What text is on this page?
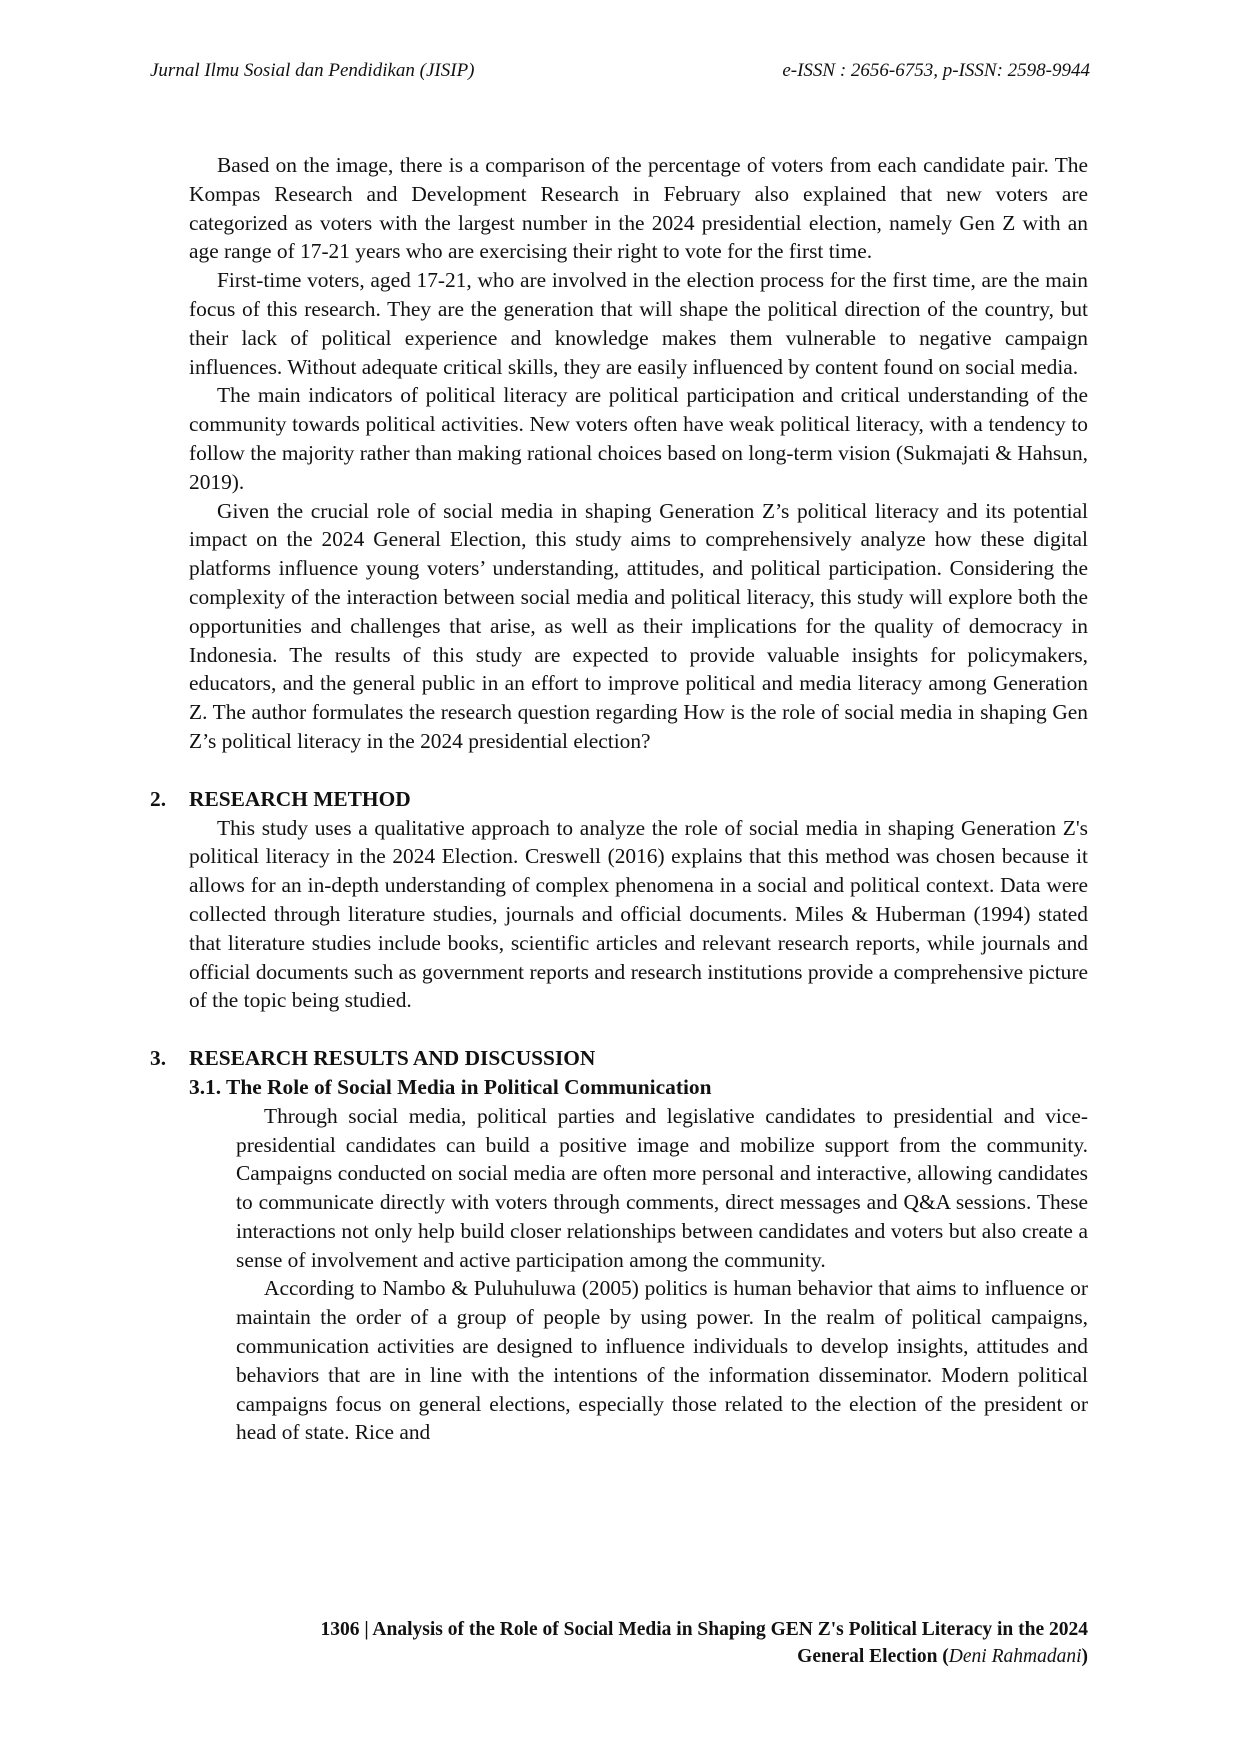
Jurnal Ilmu Sosial dan Pendidikan (JISIP)	e-ISSN : 2656-6753, p-ISSN: 2598-9944

Based on the image, there is a comparison of the percentage of voters from each candidate pair. The Kompas Research and Development Research in February also explained that new voters are categorized as voters with the largest number in the 2024 presidential election, namely Gen Z with an age range of 17-21 years who are exercising their right to vote for the first time.

First-time voters, aged 17-21, who are involved in the election process for the first time, are the main focus of this research. They are the generation that will shape the political direction of the country, but their lack of political experience and knowledge makes them vulnerable to negative campaign influences. Without adequate critical skills, they are easily influenced by content found on social media.

The main indicators of political literacy are political participation and critical understanding of the community towards political activities. New voters often have weak political literacy, with a tendency to follow the majority rather than making rational choices based on long-term vision (Sukmajati & Hahsun, 2019).

Given the crucial role of social media in shaping Generation Z’s political literacy and its potential impact on the 2024 General Election, this study aims to comprehensively analyze how these digital platforms influence young voters’ understanding, attitudes, and political participation. Considering the complexity of the interaction between social media and political literacy, this study will explore both the opportunities and challenges that arise, as well as their implications for the quality of democracy in Indonesia. The results of this study are expected to provide valuable insights for policymakers, educators, and the general public in an effort to improve political and media literacy among Generation Z. The author formulates the research question regarding How is the role of social media in shaping Gen Z’s political literacy in the 2024 presidential election?

2. RESEARCH METHOD

This study uses a qualitative approach to analyze the role of social media in shaping Generation Z's political literacy in the 2024 Election. Creswell (2016) explains that this method was chosen because it allows for an in-depth understanding of complex phenomena in a social and political context. Data were collected through literature studies, journals and official documents. Miles & Huberman (1994) stated that literature studies include books, scientific articles and relevant research reports, while journals and official documents such as government reports and research institutions provide a comprehensive picture of the topic being studied.

3. RESEARCH RESULTS AND DISCUSSION
3.1. The Role of Social Media in Political Communication

Through social media, political parties and legislative candidates to presidential and vice-presidential candidates can build a positive image and mobilize support from the community. Campaigns conducted on social media are often more personal and interactive, allowing candidates to communicate directly with voters through comments, direct messages and Q&A sessions. These interactions not only help build closer relationships between candidates and voters but also create a sense of involvement and active participation among the community.

According to Nambo & Puluhuluwa (2005) politics is human behavior that aims to influence or maintain the order of a group of people by using power. In the realm of political campaigns, communication activities are designed to influence individuals to develop insights, attitudes and behaviors that are in line with the intentions of the information disseminator. Modern political campaigns focus on general elections, especially those related to the election of the president or head of state. Rice and

1306 | Analysis of the Role of Social Media in Shaping GEN Z's Political Literacy in the 2024
General Election (Deni Rahmadani)
